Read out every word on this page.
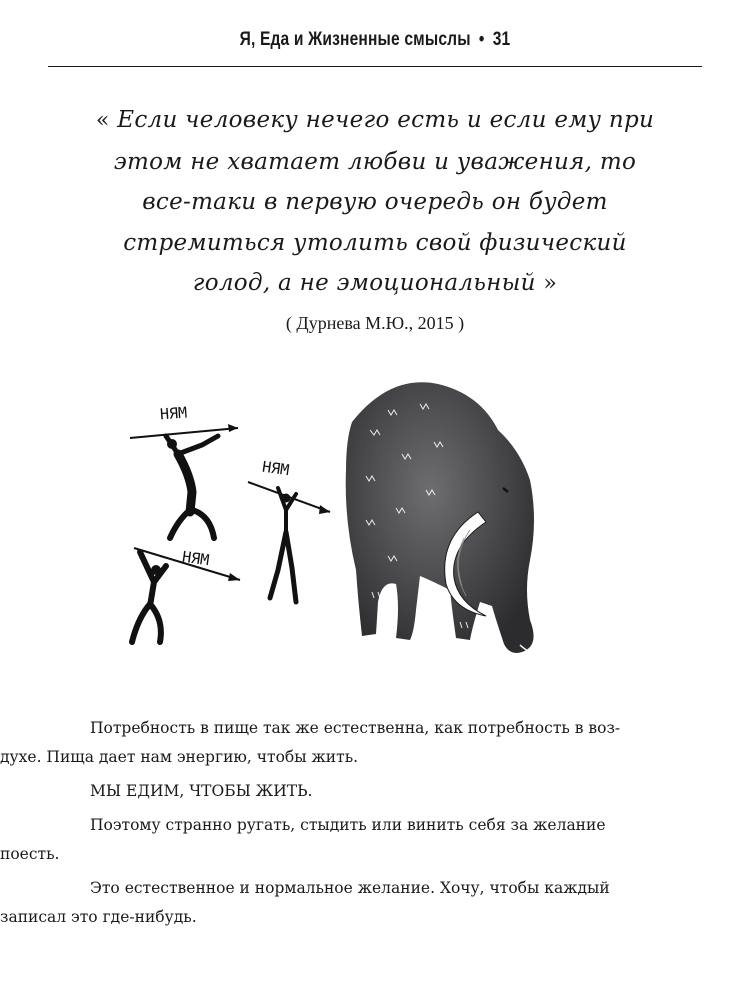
Я, Еда и Жизненные смыслы • 31
« Если человеку нечего есть и если ему при
этом не хватает любви и уважения, то
все-таки в первую очередь он будет
стремиться утолить свой физический
голод, а не эмоциональный »
( Дурнева М.Ю., 2015 )
НЯМ
НЯМ
НЯМ

Потребность в пище так же естественна, как потребность в воз-

духе. Пища дает нам энергию, чтобы жить.

МЫ ЕДИМ, ЧТОБЫ ЖИТЬ.

Поэтому странно ругать, стыдить или винить себя за желание

поесть.

Это естественное и нормальное желание. Хочу, чтобы каждый

записал это где-нибудь.
